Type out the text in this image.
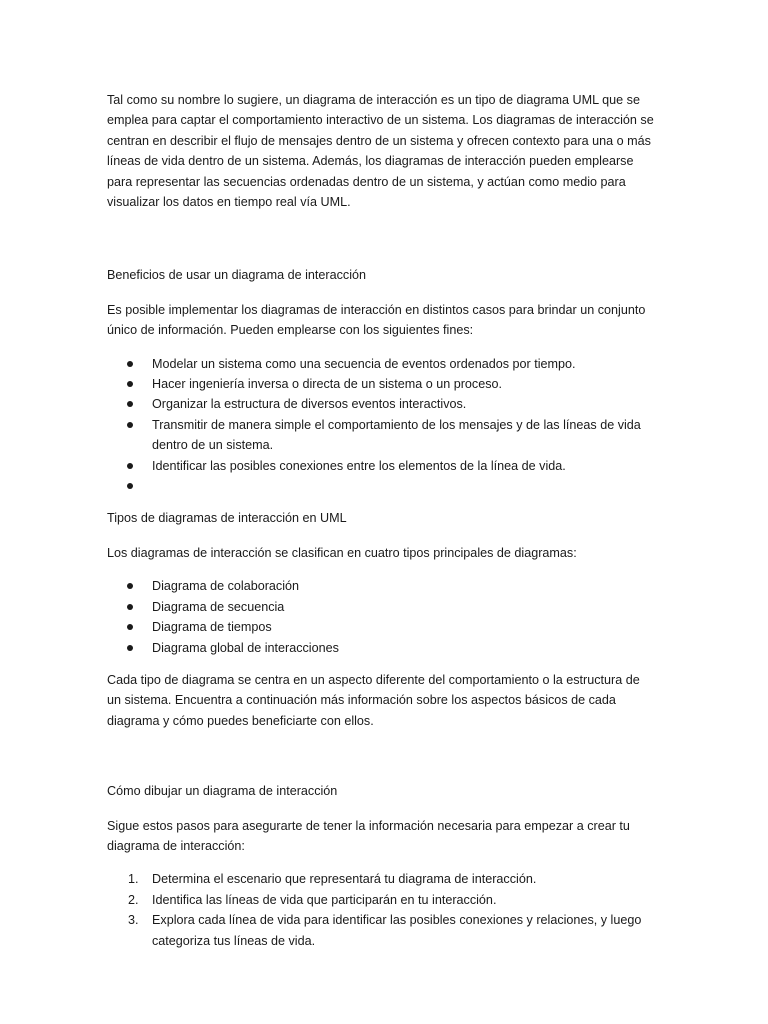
Tal como su nombre lo sugiere, un diagrama de interacción es un tipo de diagrama UML que se emplea para captar el comportamiento interactivo de un sistema. Los diagramas de interacción se centran en describir el flujo de mensajes dentro de un sistema y ofrecen contexto para una o más líneas de vida dentro de un sistema. Además, los diagramas de interacción pueden emplearse para representar las secuencias ordenadas dentro de un sistema, y actúan como medio para visualizar los datos en tiempo real vía UML.

Beneficios de usar un diagrama de interacción

Es posible implementar los diagramas de interacción en distintos casos para brindar un conjunto único de información. Pueden emplearse con los siguientes fines:

Modelar un sistema como una secuencia de eventos ordenados por tiempo.
Hacer ingeniería inversa o directa de un sistema o un proceso.
Organizar la estructura de diversos eventos interactivos.
Transmitir de manera simple el comportamiento de los mensajes y de las líneas de vida dentro de un sistema.
Identificar las posibles conexiones entre los elementos de la línea de vida.

Tipos de diagramas de interacción en UML

Los diagramas de interacción se clasifican en cuatro tipos principales de diagramas:

Diagrama de colaboración
Diagrama de secuencia
Diagrama de tiempos
Diagrama global de interacciones

Cada tipo de diagrama se centra en un aspecto diferente del comportamiento o la estructura de un sistema. Encuentra a continuación más información sobre los aspectos básicos de cada diagrama y cómo puedes beneficiarte con ellos.

Cómo dibujar un diagrama de interacción

Sigue estos pasos para asegurarte de tener la información necesaria para empezar a crear tu diagrama de interacción:

1. Determina el escenario que representará tu diagrama de interacción.
2. Identifica las líneas de vida que participarán en tu interacción.
3. Explora cada línea de vida para identificar las posibles conexiones y relaciones, y luego categoriza tus líneas de vida.
